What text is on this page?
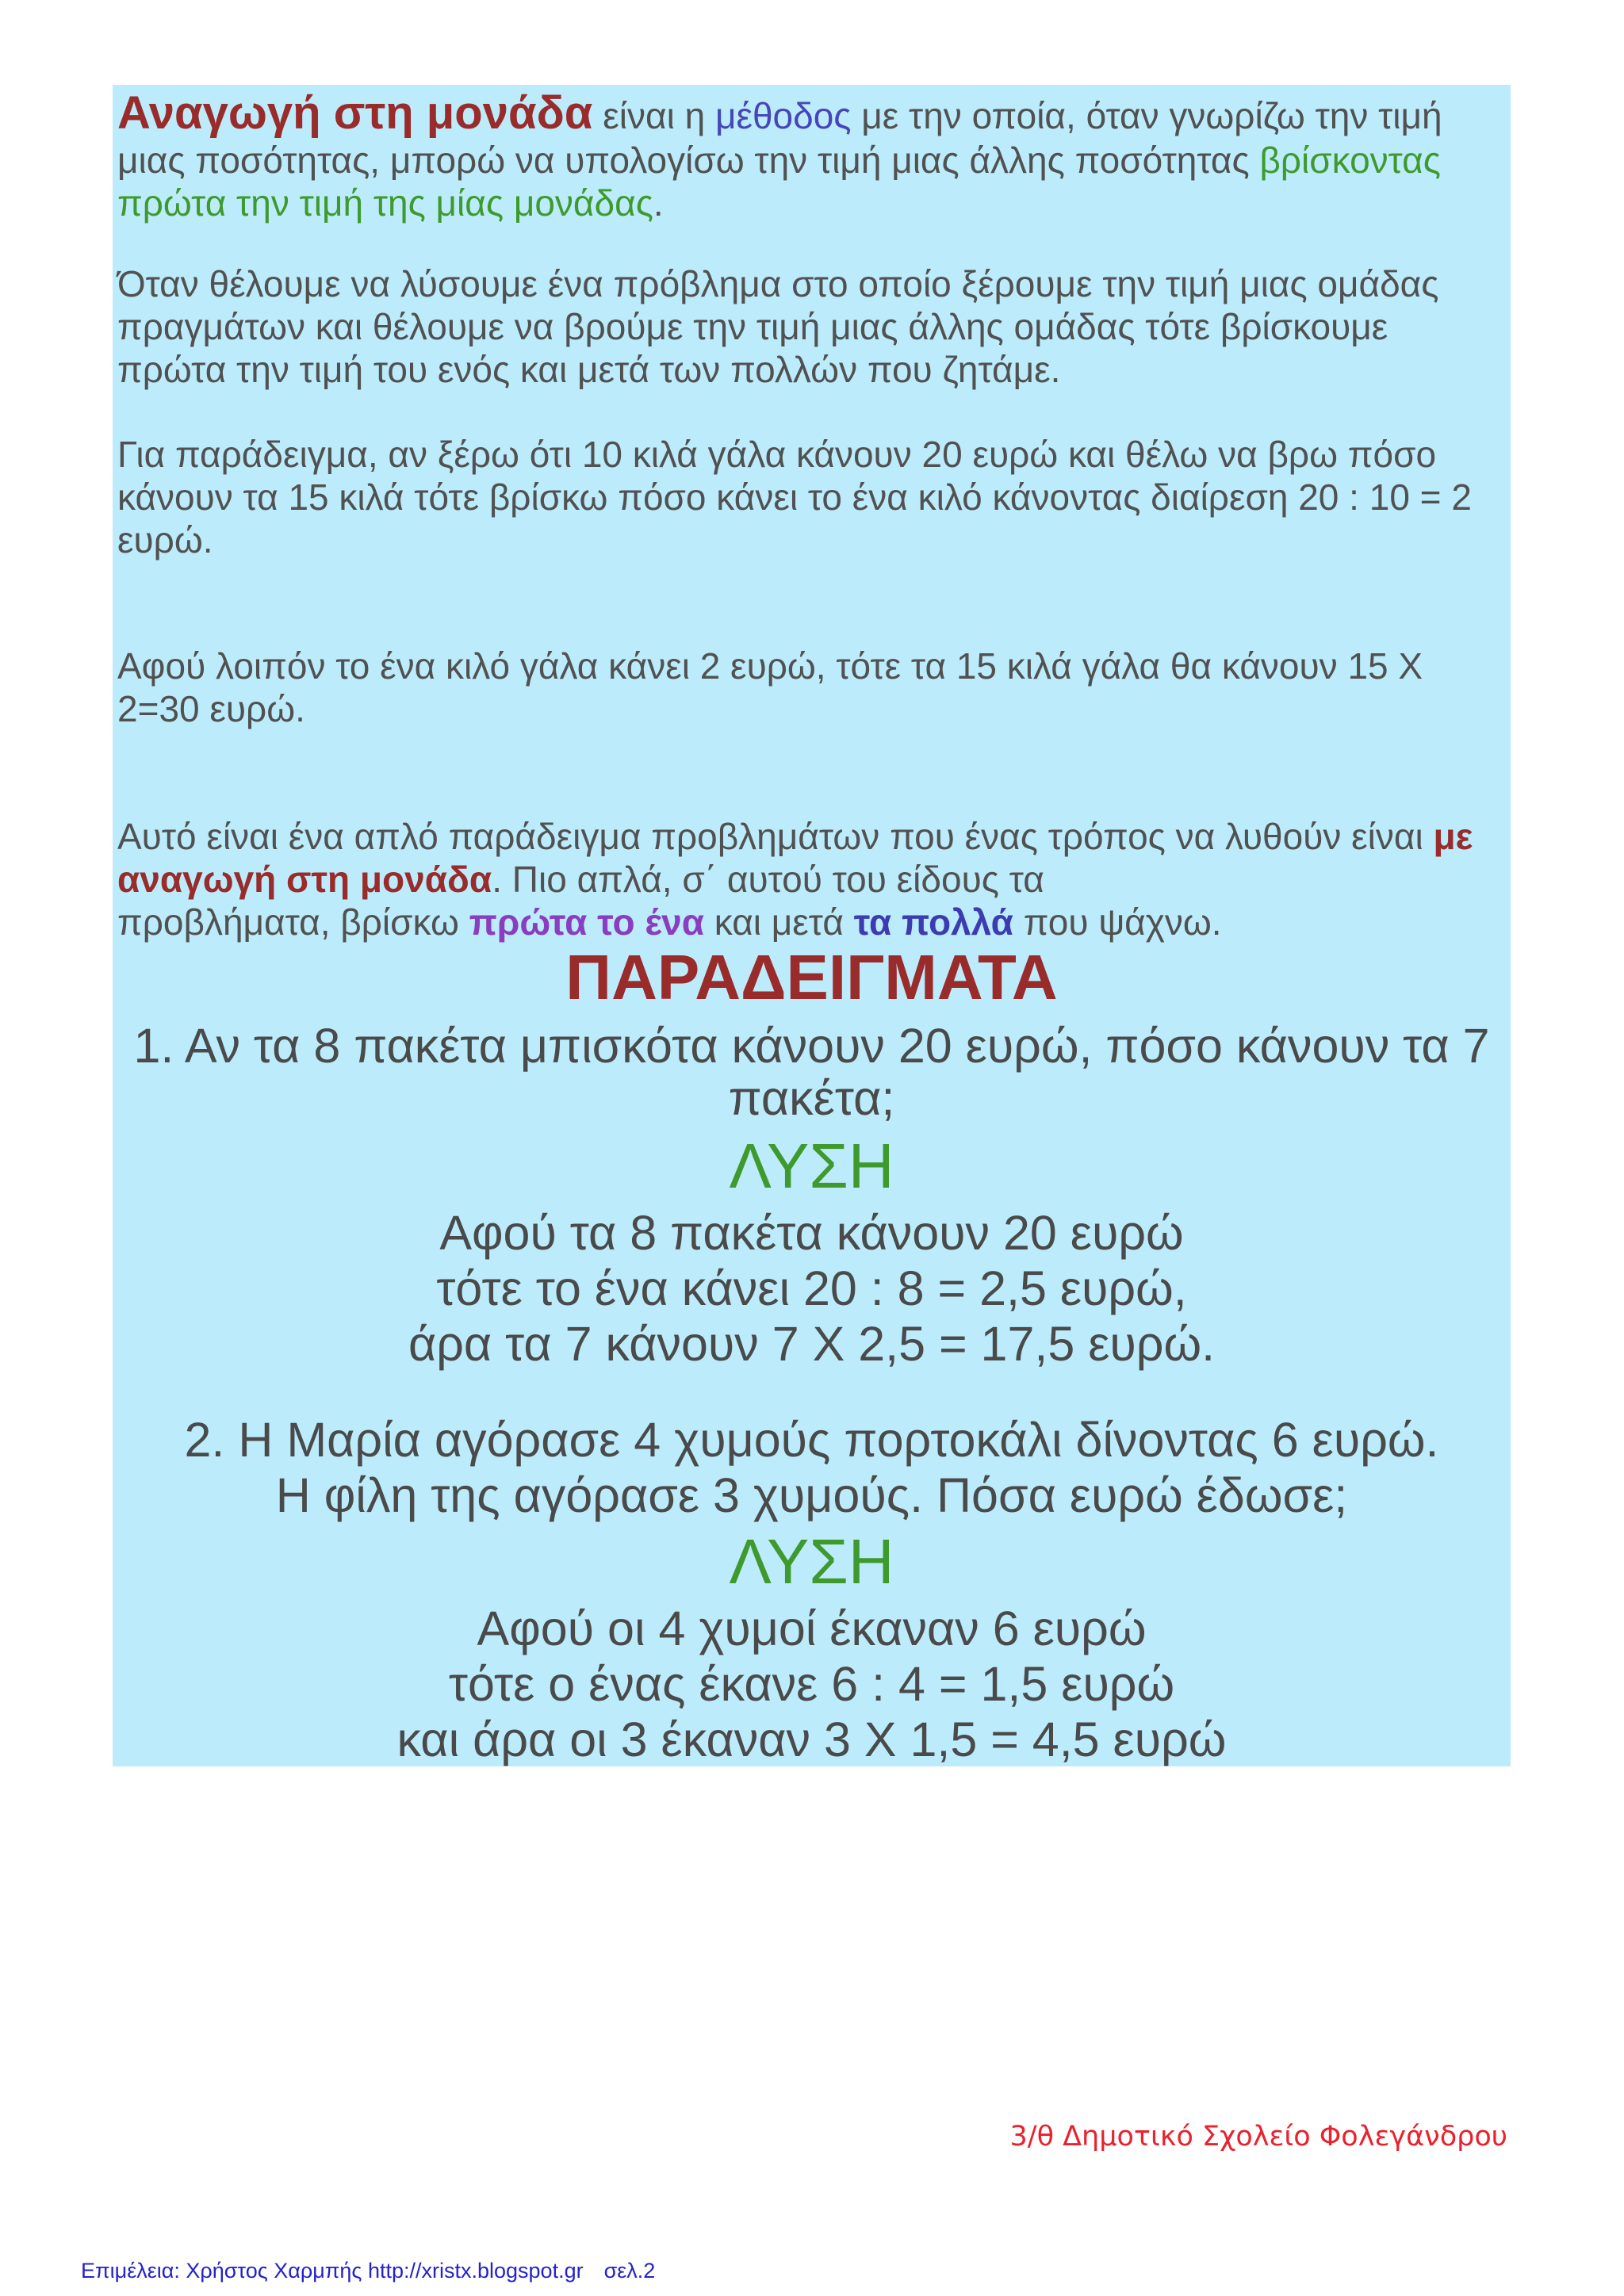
Αναγωγή στη μονάδα είναι η μέθοδος με την οποία, όταν γνωρίζω την τιμή
μιας ποσότητας, μπορώ να υπολογίσω την τιμή μιας άλλης ποσότητας βρίσκοντας
πρώτα την τιμή της μίας μονάδας.
Όταν θέλουμε να λύσουμε ένα πρόβλημα στο οποίο ξέρουμε την τιμή μιας ομάδας
πραγμάτων και θέλουμε να βρούμε την τιμή μιας άλλης ομάδας τότε βρίσκουμε
πρώτα την τιμή του ενός και μετά των πολλών που ζητάμε.
Για παράδειγμα, αν ξέρω ότι 10 κιλά γάλα κάνουν 20 ευρώ και θέλω να βρω πόσο
κάνουν τα 15 κιλά τότε βρίσκω πόσο κάνει το ένα κιλό κάνοντας διαίρεση 20 : 10 = 2
ευρώ.
Αφού λοιπόν το ένα κιλό γάλα κάνει 2 ευρώ, τότε τα 15 κιλά γάλα θα κάνουν 15 Χ
2=30 ευρώ.
Αυτό είναι ένα απλό παράδειγμα προβλημάτων που ένας τρόπος να λυθούν είναι με
αναγωγή στη μονάδα. Πιο απλά, σ΄ αυτού του είδους τα
προβλήματα, βρίσκω πρώτα το ένα και μετά τα πολλά που ψάχνω.
ΠΑΡΑΔΕΙΓΜΑΤΑ
1. Αν τα 8 πακέτα μπισκότα κάνουν 20 ευρώ, πόσο κάνουν τα 7
πακέτα;
ΛΥΣΗ
Αφού τα 8 πακέτα κάνουν 20 ευρώ
τότε το ένα κάνει 20 : 8 = 2,5 ευρώ,
άρα τα 7 κάνουν 7 Χ 2,5 = 17,5 ευρώ.
2. Η Μαρία αγόρασε 4 χυμούς πορτοκάλι δίνοντας 6 ευρώ.
Η φίλη της αγόρασε 3 χυμούς. Πόσα ευρώ έδωσε;
ΛΥΣΗ
Αφού οι 4 χυμοί έκαναν 6 ευρώ
τότε ο ένας έκανε 6 : 4 = 1,5 ευρώ
και άρα οι 3 έκαναν 3 Χ 1,5 = 4,5 ευρώ
3/θ Δημοτικό Σχολείο Φολεγάνδρου
Επιμέλεια: Χρήστος Χαρμπής http://xristx.blogspot.gr σελ.2
